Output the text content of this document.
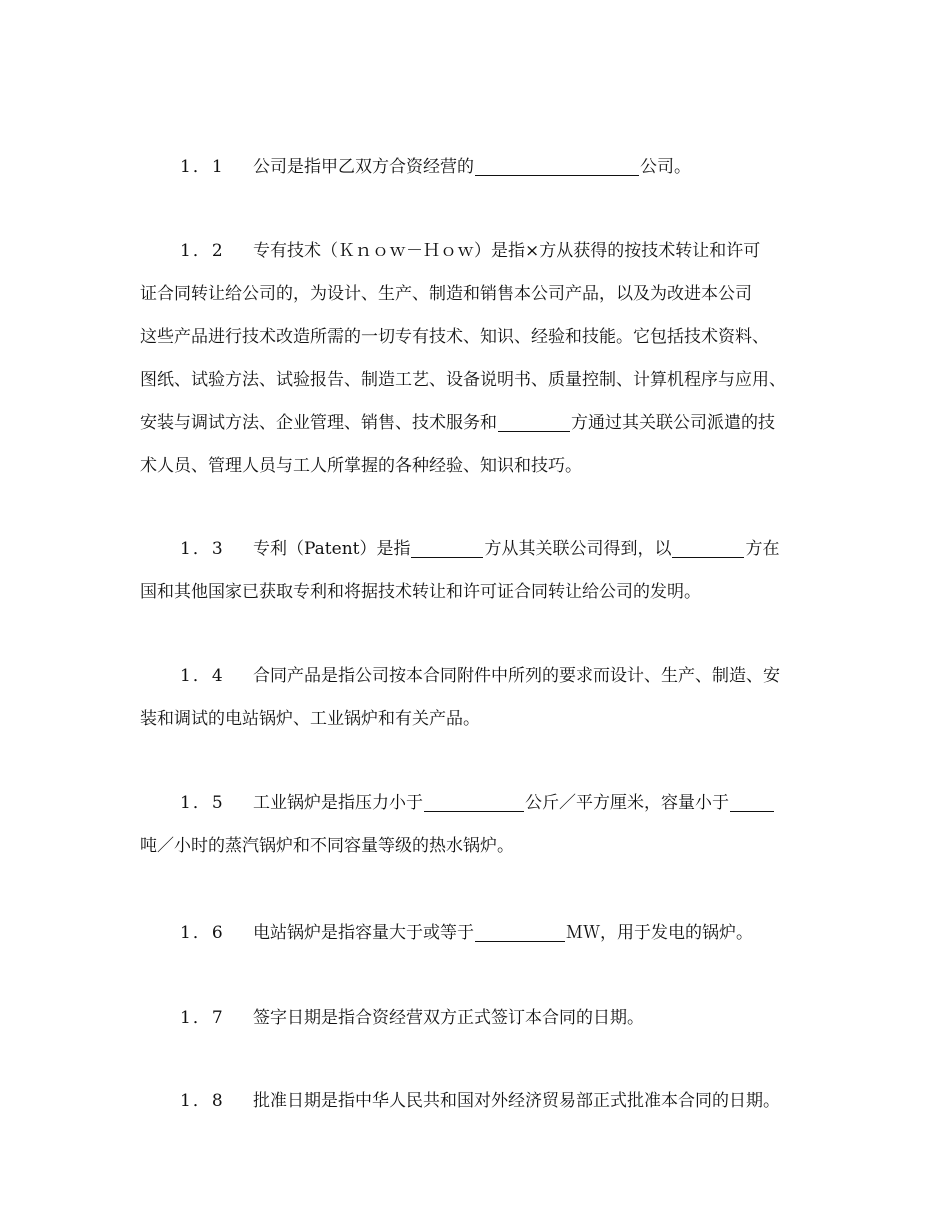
1．1 公司是指甲乙双方合资经营的	公司。
1．2 专有技术（Ｋｎｏｗ－Ｈｏｗ）是指×方从获得的按技术转让和许可
证合同转让给公司的，为设计、生产、制造和销售本公司产品，以及为改进本公司
这些产品进行技术改造所需的一切专有技术、知识、经验和技能。它包括技术资料、
图纸、试验方法、试验报告、制造工艺、设备说明书、质量控制、计算机程序与应用、
安装与调试方法、企业管理、销售、技术服务和	方通过其关联公司派遣的技
术人员、管理人员与工人所掌握的各种经验、知识和技巧。
1．3 专利（Patent）是指	方从其关联公司得到，以	方在
国和其他国家已获取专利和将据技术转让和许可证合同转让给公司的发明。
1．4 合同产品是指公司按本合同附件中所列的要求而设计、生产、制造、安
装和调试的电站锅炉、工业锅炉和有关产品。
1．5 工业锅炉是指压力小于	公斤／平方厘米，容量小于
吨／小时的蒸汽锅炉和不同容量等级的热水锅炉。
1．6 电站锅炉是指容量大于或等于	ＭＷ，用于发电的锅炉。
1．7 签字日期是指合资经营双方正式签订本合同的日期。
1．8 批准日期是指中华人民共和国对外经济贸易部正式批准本合同的日期。
